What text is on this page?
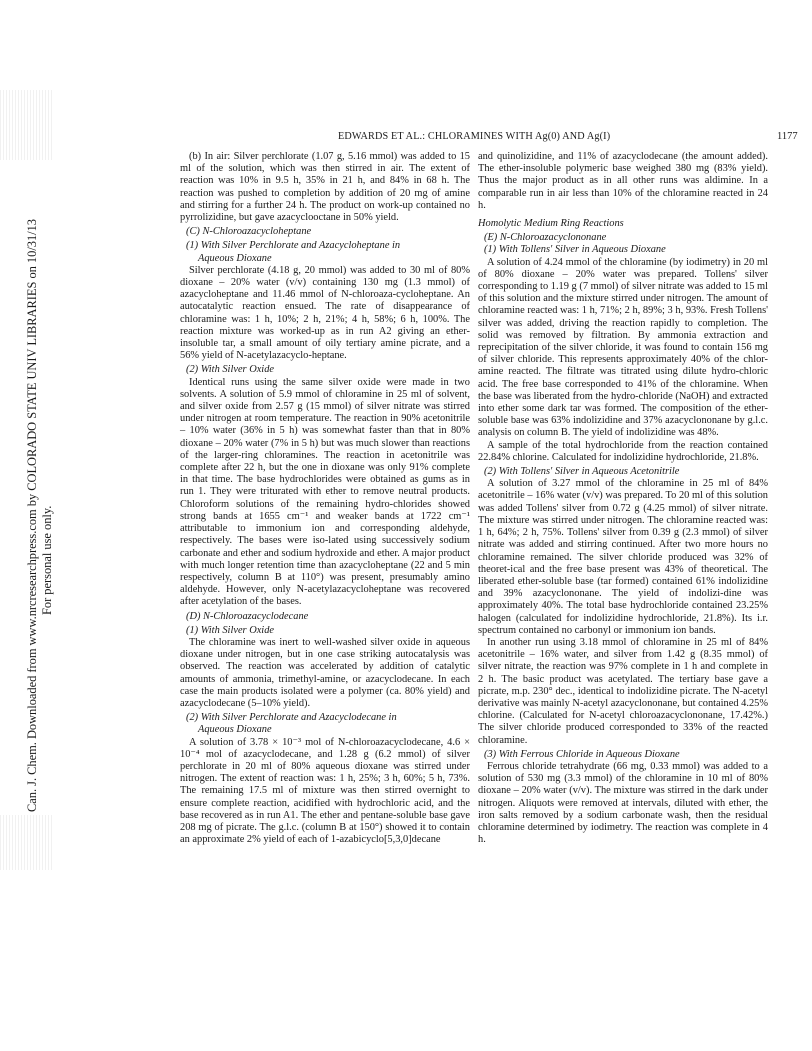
Can. J. Chem. Downloaded from www.nrcresearchpress.com by COLORADO STATE UNIV LIBRARIES on 10/31/13 For personal use only.
EDWARDS ET AL.: CHLORAMINES WITH Ag(0) AND Ag(I)	1177

(b) In air: Silver perchlorate (1.07 g, 5.16 mmol) was added to 15 ml of the solution, which was then stirred in air. The extent of reaction was 10% in 9.5 h, 35% in 21 h, and 84% in 68 h. The reaction was pushed to completion by addition of 20 mg of amine and stirring for a further 24 h. The product on work-up contained no pyrrolizidine, but gave azacyclooctane in 50% yield.

(C) N-Chloroazacycloheptane
(1) With Silver Perchlorate and Azacycloheptane in
Aqueous Dioxane

Silver perchlorate (4.18 g, 20 mmol) was added to 30 ml of 80% dioxane – 20% water (v/v) containing 130 mg (1.3 mmol) of azacycloheptane and 11.46 mmol of N-chloroaza-cycloheptane. An autocatalytic reaction ensued. The rate of disappearance of chloramine was: 1 h, 10%; 2 h, 21%; 4 h, 58%; 6 h, 100%. The reaction mixture was worked-up as in run A2 giving an ether-insoluble tar, a small amount of oily tertiary amine picrate, and a 56% yield of N-acetylazacyclo-heptane.

(2) With Silver Oxide

Identical runs using the same silver oxide were made in two solvents. A solution of 5.9 mmol of chloramine in 25 ml of solvent, and silver oxide from 2.57 g (15 mmol) of silver nitrate was stirred under nitrogen at room temperature. The reaction in 90% acetonitrile – 10% water (36% in 5 h) was somewhat faster than that in 80% dioxane – 20% water (7% in 5 h) but was much slower than reactions of the larger-ring chloramines. The reaction in acetonitrile was complete after 22 h, but the one in dioxane was only 91% complete in that time. The base hydrochlorides were obtained as gums as in run 1. They were triturated with ether to remove neutral products. Chloroform solutions of the remaining hydro-chlorides showed strong bands at 1655 cm⁻¹ and weaker bands at 1722 cm⁻¹ attributable to immonium ion and corresponding aldehyde, respectively. The bases were iso-lated using successively sodium carbonate and ether and sodium hydroxide and ether. A major product with much longer retention time than azacycloheptane (22 and 5 min respectively, column B at 110°) was present, presumably amino aldehyde. However, only N-acetylazacycloheptane was recovered after acetylation of the bases.

(D) N-Chloroazacyclodecane
(1) With Silver Oxide

The chloramine was inert to well-washed silver oxide in aqueous dioxane under nitrogen, but in one case striking autocatalysis was observed. The reaction was accelerated by addition of catalytic amounts of ammonia, trimethyl-amine, or azacyclodecane. In each case the main products isolated were a polymer (ca. 80% yield) and azacyclodecane (5–10% yield).

(2) With Silver Perchlorate and Azacyclodecane in
Aqueous Dioxane

A solution of 3.78 × 10⁻³ mol of N-chloroazacyclodecane, 4.6 × 10⁻⁴ mol of azacyclodecane, and 1.28 g (6.2 mmol) of silver perchlorate in 20 ml of 80% aqueous dioxane was stirred under nitrogen. The extent of reaction was: 1 h, 25%; 3 h, 60%; 5 h, 73%. The remaining 17.5 ml of mixture was then stirred overnight to ensure complete reaction, acidified with hydrochloric acid, and the base recovered as in run A1. The ether and pentane-soluble base gave 208 mg of picrate. The g.l.c. (column B at 150°) showed it to contain an approximate 2% yield of each of 1-azabicyclo[5,3,0]decane

and quinolizidine, and 11% of azacyclodecane (the amount added). The ether-insoluble polymeric base weighed 380 mg (83% yield). Thus the major product as in all other runs was aldimine. In a comparable run in air less than 10% of the chloramine reacted in 24 h.

Homolytic Medium Ring Reactions
(E) N-Chloroazacyclononane
(1) With Tollens' Silver in Aqueous Dioxane

A solution of 4.24 mmol of the chloramine (by iodimetry) in 20 ml of 80% dioxane – 20% water was prepared. Tollens' silver corresponding to 1.19 g (7 mmol) of silver nitrate was added to 15 ml of this solution and the mixture stirred under nitrogen. The amount of chloramine reacted was: 1 h, 71%; 2 h, 89%; 3 h, 93%. Fresh Tollens' silver was added, driving the reaction rapidly to completion. The solid was removed by filtration. By ammonia extraction and reprecipitation of the silver chloride, it was found to contain 156 mg of silver chloride. This represents approximately 40% of the chlor-amine reacted. The filtrate was titrated using dilute hydro-chloric acid. The free base corresponded to 41% of the chloramine. When the base was liberated from the hydro-chloride (NaOH) and extracted into ether some dark tar was formed. The composition of the ether-soluble base was 63% indolizidine and 37% azacyclononane by g.l.c. analysis on column B. The yield of indolizidine was 48%.

A sample of the total hydrochloride from the reaction contained 22.84% chlorine. Calculated for indolizidine hydrochloride, 21.8%.

(2) With Tollens' Silver in Aqueous Acetonitrile

A solution of 3.27 mmol of the chloramine in 25 ml of 84% acetonitrile – 16% water (v/v) was prepared. To 20 ml of this solution was added Tollens' silver from 0.72 g (4.25 mmol) of silver nitrate. The mixture was stirred under nitrogen. The chloramine reacted was: 1 h, 64%; 2 h, 75%. Tollens' silver from 0.39 g (2.3 mmol) of silver nitrate was added and stirring continued. After two more hours no chloramine remained. The silver chloride produced was 32% of theoret-ical and the free base present was 43% of theoretical. The liberated ether-soluble base (tar formed) contained 61% indolizidine and 39% azacyclononane. The yield of indolizi-dine was approximately 40%. The total base hydrochloride contained 23.25% halogen (calculated for indolizidine hydrochloride, 21.8%). Its i.r. spectrum contained no carbonyl or immonium ion bands.

In another run using 3.18 mmol of chloramine in 25 ml of 84% acetonitrile – 16% water, and silver from 1.42 g (8.35 mmol) of silver nitrate, the reaction was 97% complete in 1 h and complete in 2 h. The basic product was acetylated. The tertiary base gave a picrate, m.p. 230° dec., identical to indolizidine picrate. The N-acetyl derivative was mainly N-acetyl azacyclononane, but contained 4.25% chlorine. (Calculated for N-acetyl chloroazacyclononane, 17.42%.) The silver chloride produced corresponded to 33% of the reacted chloramine.

(3) With Ferrous Chloride in Aqueous Dioxane

Ferrous chloride tetrahydrate (66 mg, 0.33 mmol) was added to a solution of 530 mg (3.3 mmol) of the chloramine in 10 ml of 80% dioxane – 20% water (v/v). The mixture was stirred in the dark under nitrogen. Aliquots were removed at intervals, diluted with ether, the iron salts removed by a sodium carbonate wash, then the residual chloramine determined by iodimetry. The reaction was complete in 4 h.
